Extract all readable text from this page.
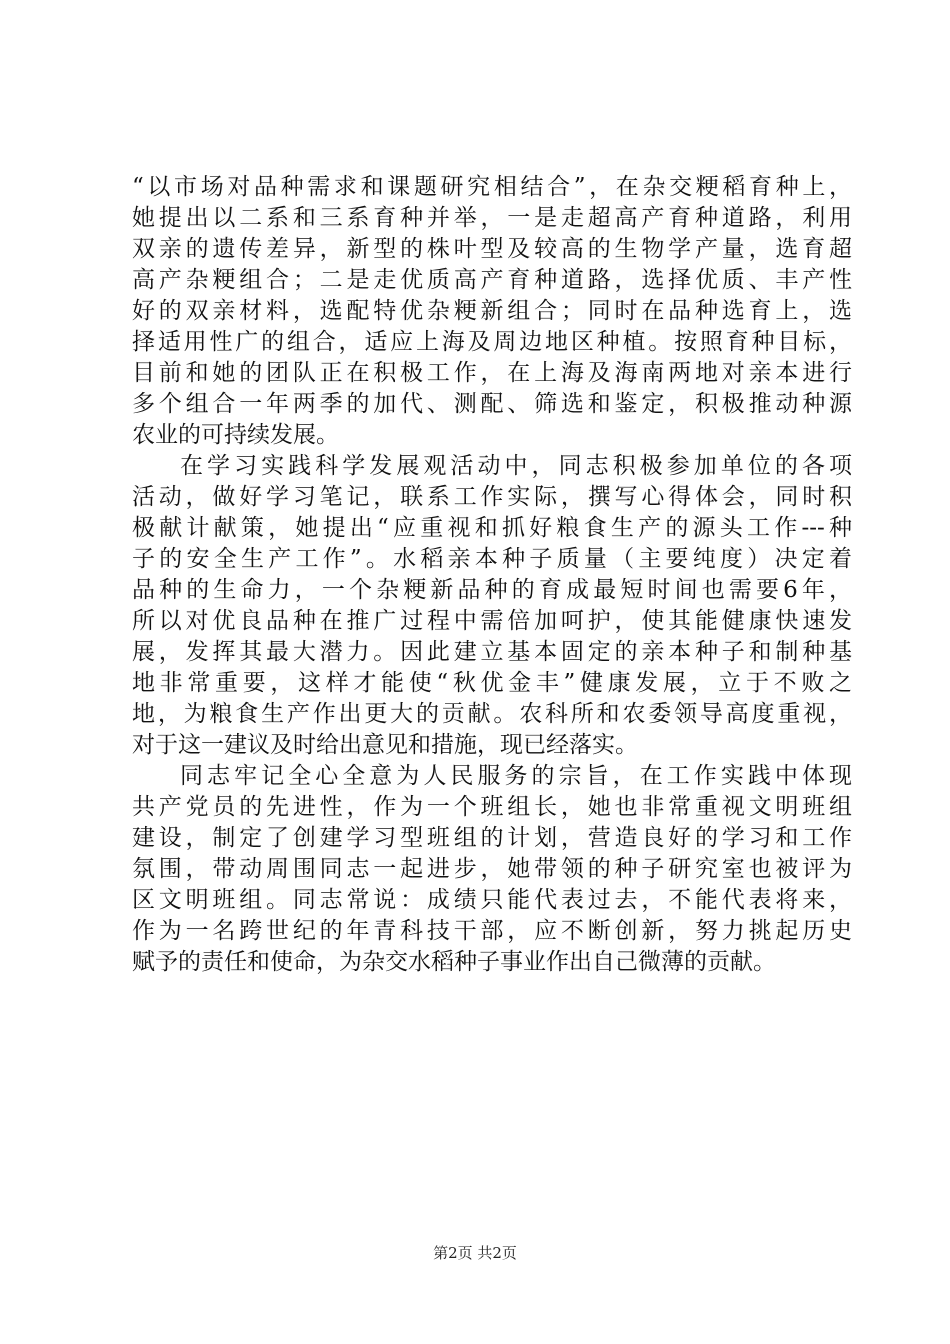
“以市场对品种需求和课题研究相结合”，在杂交粳稻育种上，
她提出以二系和三系育种并举，一是走超高产育种道路，利用
双亲的遗传差异，新型的株叶型及较高的生物学产量，选育超
高产杂粳组合；二是走优质高产育种道路，选择优质、丰产性
好的双亲材料，选配特优杂粳新组合；同时在品种选育上，选
择适用性广的组合，适应上海及周边地区种植。按照育种目标，
目前和她的团队正在积极工作，在上海及海南两地对亲本进行
多个组合一年两季的加代、测配、筛选和鉴定，积极推动种源
农业的可持续发展。
在学习实践科学发展观活动中，同志积极参加单位的各项
活动，做好学习笔记，联系工作实际，撰写心得体会，同时积
极献计献策，她提出“应重视和抓好粮食生产的源头工作---种
子的安全生产工作”。水稻亲本种子质量（主要纯度）决定着
品种的生命力，一个杂粳新品种的育成最短时间也需要6年，
所以对优良品种在推广过程中需倍加呵护，使其能健康快速发
展，发挥其最大潜力。因此建立基本固定的亲本种子和制种基
地非常重要，这样才能使“秋优金丰”健康发展，立于不败之
地，为粮食生产作出更大的贡献。农科所和农委领导高度重视，
对于这一建议及时给出意见和措施，现已经落实。
同志牢记全心全意为人民服务的宗旨，在工作实践中体现
共产党员的先进性，作为一个班组长，她也非常重视文明班组
建设，制定了创建学习型班组的计划，营造良好的学习和工作
氛围，带动周围同志一起进步，她带领的种子研究室也被评为
区文明班组。同志常说：成绩只能代表过去，不能代表将来，
作为一名跨世纪的年青科技干部，应不断创新，努力挑起历史
赋予的责任和使命，为杂交水稻种子事业作出自己微薄的贡献。
第2页 共2页
